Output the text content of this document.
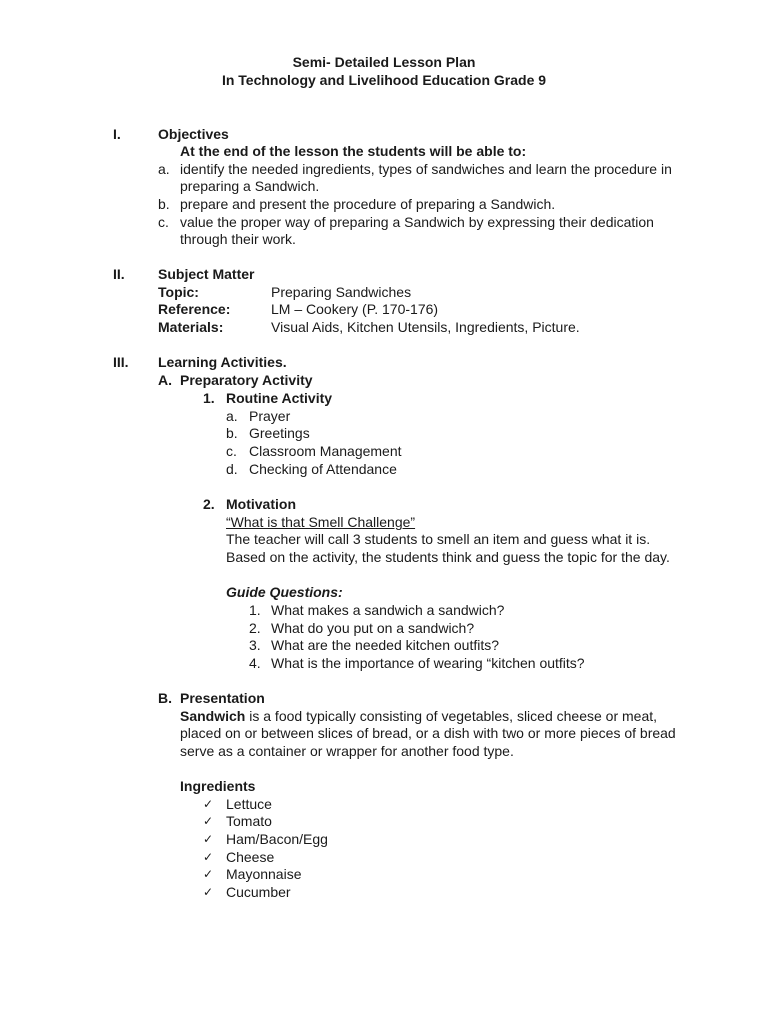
Semi- Detailed Lesson Plan
In Technology and Livelihood Education Grade 9
I.	Objectives
At the end of the lesson the students will be able to:
a. identify the needed ingredients, types of sandwiches and learn the procedure in
preparing a Sandwich.
b. prepare and present the procedure of preparing a Sandwich.
c. value the proper way of preparing a Sandwich by expressing their dedication
through their work.
II. Subject Matter
Topic:	Preparing Sandwiches
Reference:	LM – Cookery (P. 170-176)
Materials:	Visual Aids, Kitchen Utensils, Ingredients, Picture.
III. Learning Activities.
A. Preparatory Activity
1. Routine Activity
a. Prayer
b. Greetings
c. Classroom Management
d. Checking of Attendance
2. Motivation
“What is that Smell Challenge”
The teacher will call 3 students to smell an item and guess what it is.
Based on the activity, the students think and guess the topic for the day.
Guide Questions:
1. What makes a sandwich a sandwich?
2. What do you put on a sandwich?
3. What are the needed kitchen outfits?
4. What is the importance of wearing “kitchen outfits?
B. Presentation
Sandwich is a food typically consisting of vegetables, sliced cheese or meat,
placed on or between slices of bread, or a dish with two or more pieces of bread
serve as a container or wrapper for another food type.
Ingredients
✓ Lettuce
✓ Tomato
✓ Ham/Bacon/Egg
✓ Cheese
✓ Mayonnaise
✓ Cucumber
